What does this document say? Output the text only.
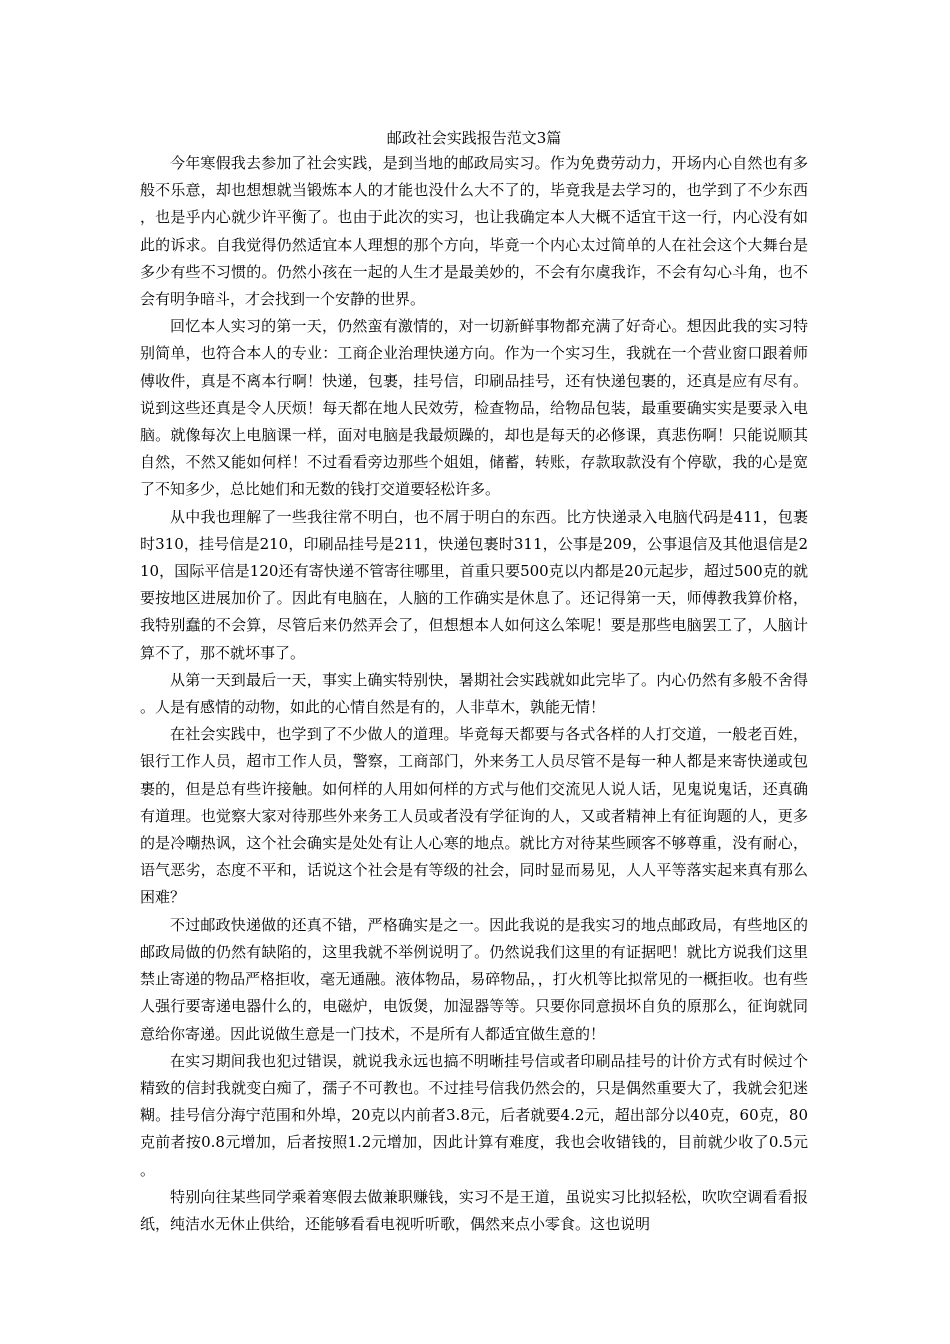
邮政社会实践报告范文3篇

今年寒假我去参加了社会实践，是到当地的邮政局实习。作为免费劳动力，开场内心自然也有多般不乐意，却也想想就当锻炼本人的才能也没什么大不了的，毕竟我是去学习的，也学到了不少东西，也是乎内心就少许平衡了。也由于此次的实习，也让我确定本人大概不适宜干这一行，内心没有如此的诉求。自我觉得仍然适宜本人理想的那个方向，毕竟一个内心太过简单的人在社会这个大舞台是多少有些不习惯的。仍然小孩在一起的人生才是最美妙的，不会有尔虞我诈，不会有勾心斗角，也不会有明争暗斗，才会找到一个安静的世界。

回忆本人实习的第一天，仍然蛮有激情的，对一切新鲜事物都充满了好奇心。想因此我的实习特别简单，也符合本人的专业：工商企业治理快递方向。作为一个实习生，我就在一个营业窗口跟着师傅收件，真是不离本行啊！快递，包裹，挂号信，印刷品挂号，还有快递包裹的，还真是应有尽有。说到这些还真是令人厌烦！每天都在地人民效劳，检查物品，给物品包装，最重要确实实是要录入电脑。就像每次上电脑课一样，面对电脑是我最烦躁的，却也是每天的必修课，真悲伤啊！只能说顺其自然，不然又能如何样！不过看看旁边那些个姐姐，储蓄，转账，存款取款没有个停歇，我的心是宽了不知多少，总比她们和无数的钱打交道要轻松许多。

从中我也理解了一些我往常不明白，也不屑于明白的东西。比方快递录入电脑代码是411，包裹时310，挂号信是210，印刷品挂号是211，快递包裹时311，公事是209，公事退信及其他退信是210，国际平信是120还有寄快递不管寄往哪里，首重只要500克以内都是20元起步，超过500克的就要按地区进展加价了。因此有电脑在，人脑的工作确实是休息了。还记得第一天，师傅教我算价格，我特别蠢的不会算，尽管后来仍然弄会了，但想想本人如何这么笨呢！要是那些电脑罢工了，人脑计算不了，那不就坏事了。

从第一天到最后一天，事实上确实特别快，暑期社会实践就如此完毕了。内心仍然有多般不舍得。人是有感情的动物，如此的心情自然是有的，人非草木，孰能无情！

在社会实践中，也学到了不少做人的道理。毕竟每天都要与各式各样的人打交道，一般老百姓，银行工作人员，超市工作人员，警察，工商部门，外来务工人员尽管不是每一种人都是来寄快递或包裹的，但是总有些许接触。如何样的人用如何样的方式与他们交流见人说人话，见鬼说鬼话，还真确有道理。也觉察大家对待那些外来务工人员或者没有学征询的人，又或者精神上有征询题的人，更多的是冷嘲热讽，这个社会确实是处处有让人心寒的地点。就比方对待某些顾客不够尊重，没有耐心，语气恶劣，态度不平和，话说这个社会是有等级的社会，同时显而易见，人人平等落实起来真有那么困难？

不过邮政快递做的还真不错，严格确实是之一。因此我说的是我实习的地点邮政局，有些地区的邮政局做的仍然有缺陷的，这里我就不举例说明了。仍然说我们这里的有证据吧！就比方说我们这里禁止寄递的物品严格拒收，毫无通融。液体物品，易碎物品，，打火机等比拟常见的一概拒收。也有些人强行要寄递电器什么的，电磁炉，电饭煲，加湿器等等。只要你同意损坏自负的原那么，征询就同意给你寄递。因此说做生意是一门技术，不是所有人都适宜做生意的！

在实习期间我也犯过错误，就说我永远也搞不明晰挂号信或者印刷品挂号的计价方式有时候过个精致的信封我就变白痴了，孺子不可教也。不过挂号信我仍然会的，只是偶然重要大了，我就会犯迷糊。挂号信分海宁范围和外埠，20克以内前者3.8元，后者就要4.2元，超出部分以40克，60克，80克前者按0.8元增加，后者按照1.2元增加，因此计算有难度，我也会收错钱的，目前就少收了0.5元。

特别向往某些同学乘着寒假去做兼职赚钱，实习不是王道，虽说实习比拟轻松，吹吹空调看看报纸，纯洁水无休止供给，还能够看看电视听听歌，偶然来点小零食。这也说明
